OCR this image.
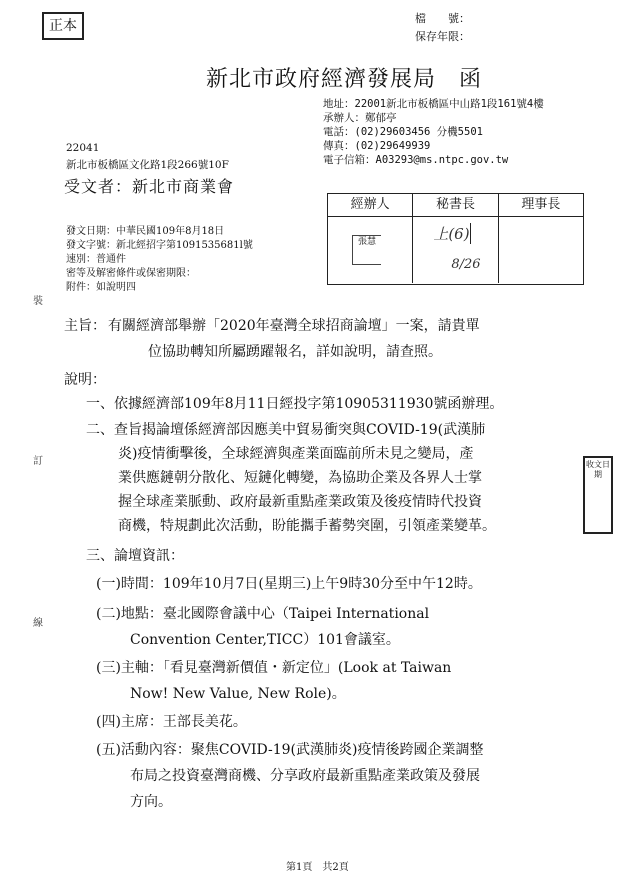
正本	檔　　號：
保存年限：
新北市政府經濟發展局　函
地址：22001新北市板橋區中山路1段161號4樓
承辦人：鄭郁亭
電話：(02)29603456 分機5501
傳真：(02)29649939
電子信箱：A03293@ms.ntpc.gov.tw
22041
新北市板橋區文化路1段266號10F
受文者：新北市商業會
發文日期：中華民國109年8月18日
發文字號：新北經招字第1091535681l號
速別：普通件
密等及解密條件或保密期限：
附件：如說明四
經辦人	秘書長	理事長
張慧	上(6)
8/26
主旨： 有關經濟部舉辦「2020年臺灣全球招商論壇」一案，請貴單
位協助轉知所屬踴躍報名，詳如說明，請查照。
說明：
一、依據經濟部109年8月11日經投字第10905311930號函辦理。
二、查旨揭論壇係經濟部因應美中貿易衝突與COVID-19(武漢肺
炎)疫情衝擊後，全球經濟與產業面臨前所未見之變局，產
業供應鏈朝分散化、短鏈化轉變，為協助企業及各界人士掌
握全球產業脈動、政府最新重點產業政策及後疫情時代投資
商機，特規劃此次活動，盼能攜手蓄勢突圍，引領產業變革。
三、論壇資訊：
(一)時間：109年10月7日(星期三)上午9時30分至中午12時。
(二)地點：臺北國際會議中心（Taipei International
Convention Center,TICC）101會議室。
(三)主軸：「看見臺灣新價值・新定位」(Look at Taiwan
Now! New Value, New Role)。
(四)主席：王部長美花。
(五)活動內容：聚焦COVID-19(武漢肺炎)疫情後跨國企業調整
布局之投資臺灣商機、分享政府最新重點產業政策及發展
方向。
裝
訂
線
收文日期
第1頁　共2頁
